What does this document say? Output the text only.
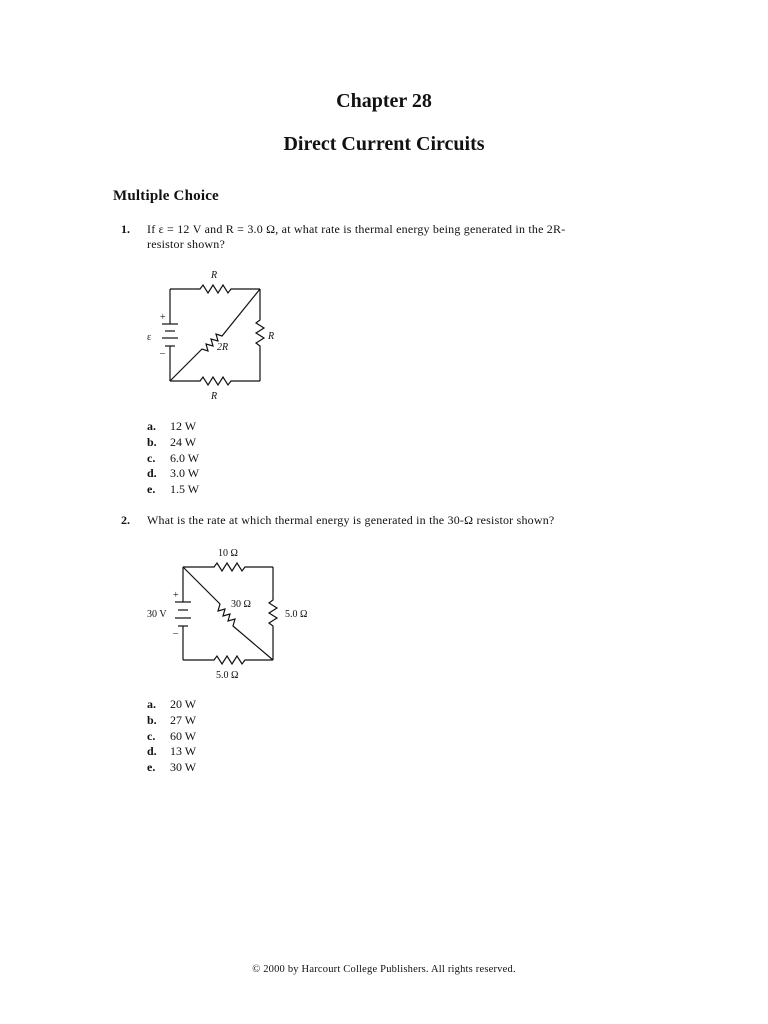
Chapter 28
Direct Current Circuits
Multiple Choice
1. If ε = 12 V and R = 3.0 Ω, at what rate is thermal energy being generated in the 2R-
resistor shown?
R
R
R
2R
ε
+
–
a.	12 W
b.	24 W
c.	6.0 W
d.	3.0 W
e.	1.5 W
2. What is the rate at which thermal energy is generated in the 30-Ω resistor shown?
10 Ω
5.0 Ω
5.0 Ω
30 Ω
30 V
+
–
a.	20 W
b.	27 W
c.	60 W
d.	13 W
e.	30 W
© 2000 by Harcourt College Publishers. All rights reserved.
